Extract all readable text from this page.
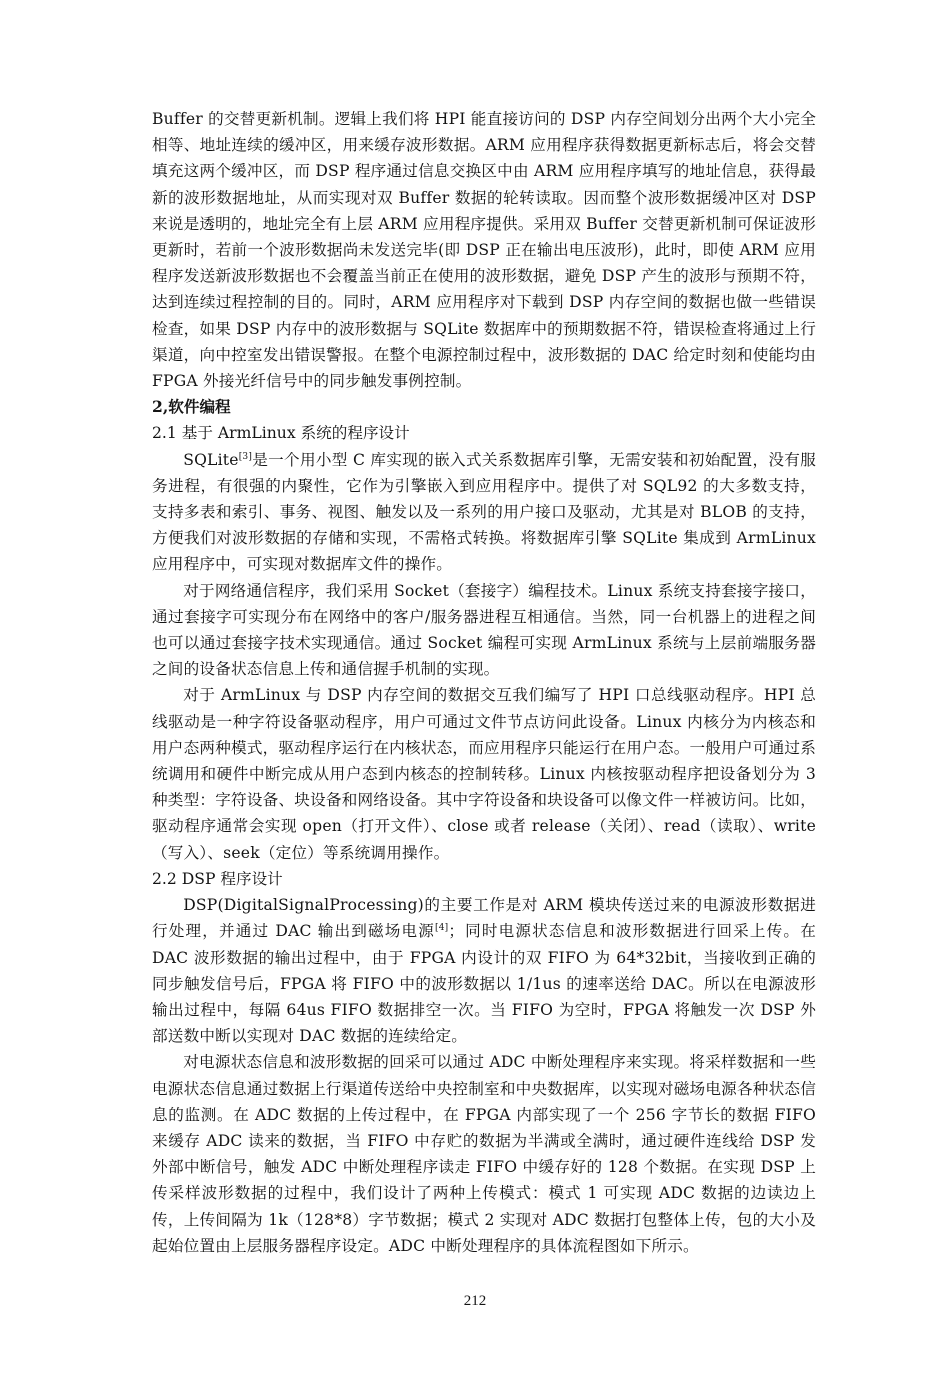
Buffer 的交替更新机制。逻辑上我们将 HPI 能直接访问的 DSP 内存空间划分出两个大小完全相等、地址连续的缓冲区，用来缓存波形数据。ARM 应用程序获得数据更新标志后，将会交替填充这两个缓冲区，而 DSP 程序通过信息交换区中由 ARM 应用程序填写的地址信息，获得最新的波形数据地址，从而实现对双 Buffer 数据的轮转读取。因而整个波形数据缓冲区对 DSP 来说是透明的，地址完全有上层 ARM 应用程序提供。采用双 Buffer 交替更新机制可保证波形更新时，若前一个波形数据尚未发送完毕(即 DSP 正在输出电压波形)，此时，即使 ARM 应用程序发送新波形数据也不会覆盖当前正在使用的波形数据，避免 DSP 产生的波形与预期不符，达到连续过程控制的目的。同时，ARM 应用程序对下载到 DSP 内存空间的数据也做一些错误检查，如果 DSP 内存中的波形数据与 SQLite 数据库中的预期数据不符，错误检查将通过上行渠道，向中控室发出错误警报。在整个电源控制过程中，波形数据的 DAC 给定时刻和使能均由 FPGA 外接光纤信号中的同步触发事例控制。

2,软件编程
2.1 基于 ArmLinux 系统的程序设计

SQLite[3]是一个用小型 C 库实现的嵌入式关系数据库引擎，无需安装和初始配置，没有服务进程，有很强的内聚性，它作为引擎嵌入到应用程序中。提供了对 SQL92 的大多数支持，支持多表和索引、事务、视图、触发以及一系列的用户接口及驱动，尤其是对 BLOB 的支持，方便我们对波形数据的存储和实现，不需格式转换。将数据库引擎 SQLite 集成到 ArmLinux 应用程序中，可实现对数据库文件的操作。

对于网络通信程序，我们采用 Socket（套接字）编程技术。Linux 系统支持套接字接口，通过套接字可实现分布在网络中的客户/服务器进程互相通信。当然，同一台机器上的进程之间也可以通过套接字技术实现通信。通过 Socket 编程可实现 ArmLinux 系统与上层前端服务器之间的设备状态信息上传和通信握手机制的实现。

对于 ArmLinux 与 DSP 内存空间的数据交互我们编写了 HPI 口总线驱动程序。HPI 总线驱动是一种字符设备驱动程序，用户可通过文件节点访问此设备。Linux 内核分为内核态和用户态两种模式，驱动程序运行在内核状态，而应用程序只能运行在用户态。一般用户可通过系统调用和硬件中断完成从用户态到内核态的控制转移。Linux 内核按驱动程序把设备划分为 3 种类型：字符设备、块设备和网络设备。其中字符设备和块设备可以像文件一样被访问。比如，驱动程序通常会实现 open（打开文件）、close 或者 release（关闭）、read（读取）、write（写入）、seek（定位）等系统调用操作。

2.2 DSP 程序设计

DSP(DigitalSignalProcessing)的主要工作是对 ARM 模块传送过来的电源波形数据进行处理，并通过 DAC 输出到磁场电源[4]；同时电源状态信息和波形数据进行回采上传。在 DAC 波形数据的输出过程中，由于 FPGA 内设计的双 FIFO 为 64*32bit，当接收到正确的同步触发信号后，FPGA 将 FIFO 中的波形数据以 1/1us 的速率送给 DAC。所以在电源波形输出过程中，每隔 64us FIFO 数据排空一次。当 FIFO 为空时，FPGA 将触发一次 DSP 外部送数中断以实现对 DAC 数据的连续给定。

对电源状态信息和波形数据的回采可以通过 ADC 中断处理程序来实现。将采样数据和一些电源状态信息通过数据上行渠道传送给中央控制室和中央数据库，以实现对磁场电源各种状态信息的监测。在 ADC 数据的上传过程中，在 FPGA 内部实现了一个 256 字节长的数据 FIFO 来缓存 ADC 读来的数据，当 FIFO 中存贮的数据为半满或全满时，通过硬件连线给 DSP 发外部中断信号，触发 ADC 中断处理程序读走 FIFO 中缓存好的 128 个数据。在实现 DSP 上传采样波形数据的过程中，我们设计了两种上传模式：模式 1 可实现 ADC 数据的边读边上传，上传间隔为 1k（128*8）字节数据；模式 2 实现对 ADC 数据打包整体上传，包的大小及起始位置由上层服务器程序设定。ADC 中断处理程序的具体流程图如下所示。

212
